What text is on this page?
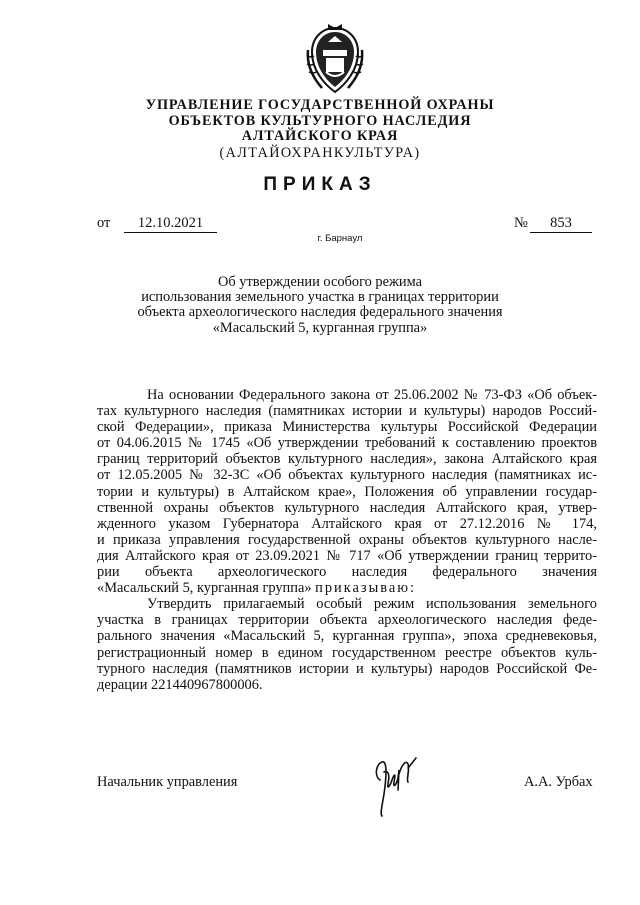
УПРАВЛЕНИЕ ГОСУДАРСТВЕННОЙ ОХРАНЫ
ОБЪЕКТОВ КУЛЬТУРНОГО НАСЛЕДИЯ
АЛТАЙСКОГО КРАЯ
(АЛТАЙОХРАНКУЛЬТУРА)
ПРИКАЗ
от	12.10.2021	№	853
г. Барнаул
Об утверждении особого режима
использования земельного участка в границах территории
объекта археологического наследия федерального значения
«Масальский 5, курганная группа»
На основании Федерального закона от 25.06.2002 № 73-ФЗ «Об объек-
тах культурного наследия (памятниках истории и культуры) народов Россий-
ской Федерации», приказа Министерства культуры Российской Федерации
от 04.06.2015 № 1745 «Об утверждении требований к составлению проектов
границ территорий объектов культурного наследия», закона Алтайского края
от 12.05.2005 № 32-ЗС «Об объектах культурного наследия (памятниках ис-
тории и культуры) в Алтайском крае», Положения об управлении государ-
ственной охраны объектов культурного наследия Алтайского края, утвер-
жденного указом Губернатора Алтайского края от 27.12.2016 № 174,
и приказа управления государственной охраны объектов культурного насле-
дия Алтайского края от 23.09.2021 № 717 «Об утверждении границ террито-
рии объекта археологического наследия федерального значения
«Масальский 5, курганная группа» приказываю:
Утвердить прилагаемый особый режим использования земельного
участка в границах территории объекта археологического наследия феде-
рального значения «Масальский 5, курганная группа», эпоха средневековья,
регистрационный номер в едином государственном реестре объектов куль-
турного наследия (памятников истории и культуры) народов Российской Фе-
дерации 221440967800006.
Начальник управления	А.А. Урбах
